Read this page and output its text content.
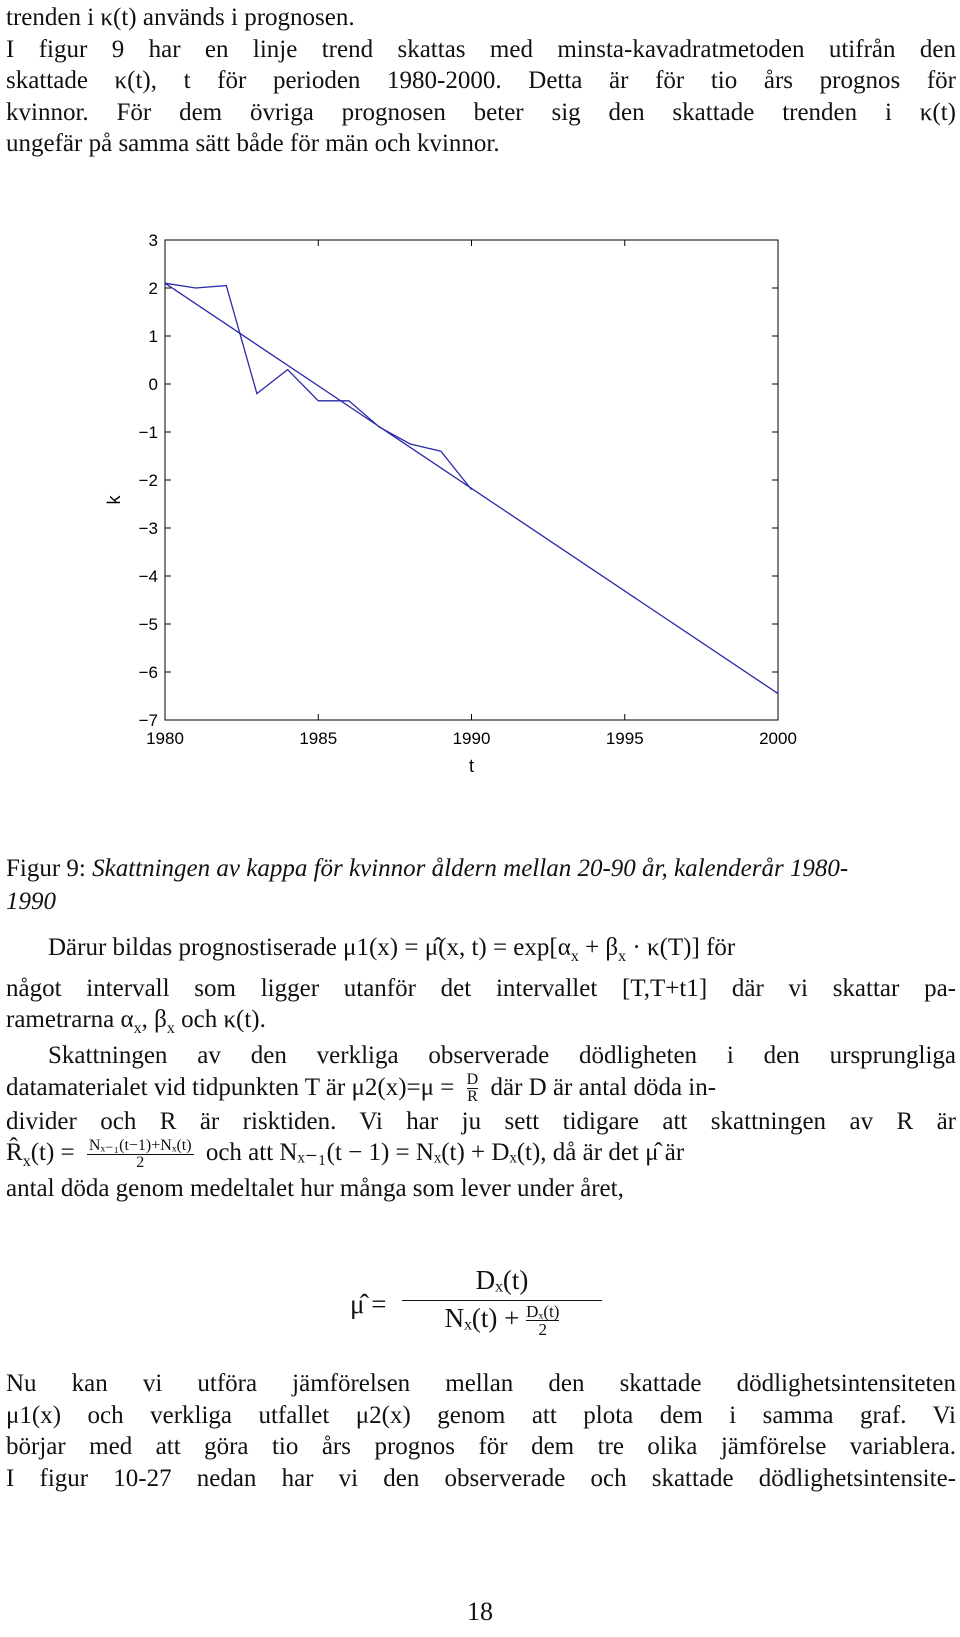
trenden i κ(t) används i prognosen.
I figur 9 har en linje trend skattas med minsta-kavadratmetoden utifrån den
skattade κ(t), t för perioden 1980-2000. Detta är för tio års prognos för
kvinnor. För dem övriga prognosen beter sig den skattade trenden i κ(t)
ungefär på samma sätt både för män och kvinnor.
3
2
1
0
−1
−2
−3
−4
−5
−6
−7
1980	1985	1990	1995	2000
t
k
Figur 9: Skattningen av kappa för kvinnor åldern mellan 20-90 år, kalenderår 1980-
1990
Därur bildas prognostiserade μ1(x) = μ̂(x, $t) = \exp[\alpha_x + \beta_x \cdot \kappa(T)]$ för
något intervall som ligger utanför det intervallet [T,T+t1] där vi skattar pa-
rametrarna $\alpha_x$, $\beta_x$ och κ(t).
Skattningen av den verkliga observerade dödligheten i den ursprungliga
datamaterialet vid tidpunkten T är $\mu 2(x)=\mu = \frac{D}{R}$ där D är antal döda in-
divider och R är risktiden. Vi har ju sett tidigare att skattningen av R är
$R̂_x(t) = \frac{\text{Nₓ₋₁(t−1)+Nₓ(t)}}{2}$ och att Nₓ₋₁(t − 1) = Nₓ(t) + Dₓ(t), då är det μ̂ är
antal döda genom medeltalet hur många som lever under året,
μ̂ =
Dₓ(t)
$N_x(t) + \frac{\text{Dₓ(t)}}{2}$
Nu kan vi utföra jämförelsen mellan den skattade dödlighetsintensiteten
μ1(x) och verkliga utfallet μ2(x) genom att plota dem i samma graf. Vi
börjar med att göra tio års prognos för dem tre olika jämförelse variablera.
I figur 10-27 nedan har vi den observerade och skattade dödlighetsintensite-
18
